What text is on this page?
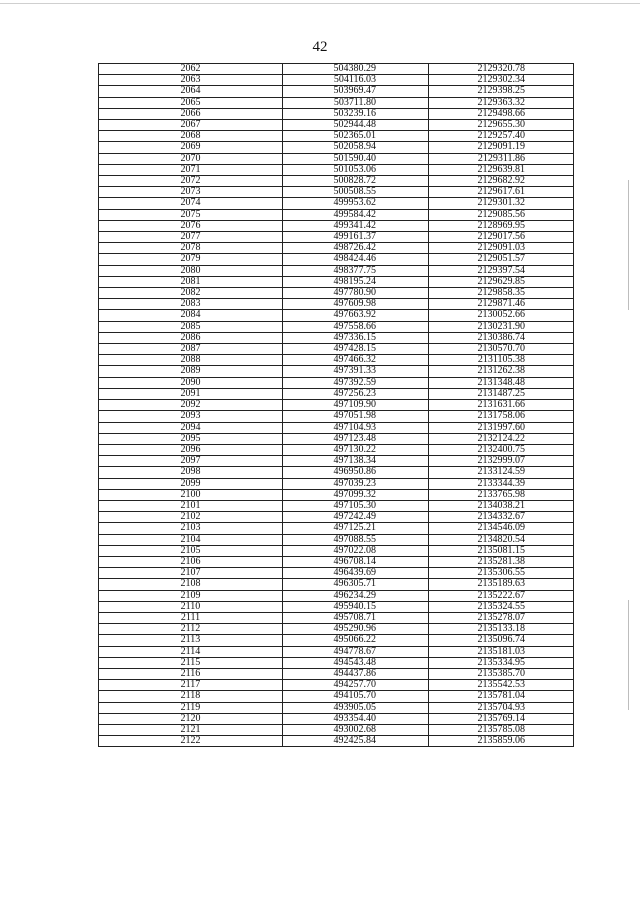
42
2062	504380.29	2129320.78
2063	504116.03	2129302.34
2064	503969.47	2129398.25
2065	503711.80	2129363.32
2066	503239.16	2129498.66
2067	502944.48	2129655.30
2068	502365.01	2129257.40
2069	502058.94	2129091.19
2070	501590.40	2129311.86
2071	501053.06	2129639.81
2072	500828.72	2129682.92
2073	500508.55	2129617.61
2074	499953.62	2129301.32
2075	499584.42	2129085.56
2076	499341.42	2128969.95
2077	499161.37	2129017.56
2078	498726.42	2129091.03
2079	498424.46	2129051.57
2080	498377.75	2129397.54
2081	498195.24	2129629.85
2082	497780.90	2129858.35
2083	497609.98	2129871.46
2084	497663.92	2130052.66
2085	497558.66	2130231.90
2086	497336.15	2130386.74
2087	497428.15	2130570.70
2088	497466.32	2131105.38
2089	497391.33	2131262.38
2090	497392.59	2131348.48
2091	497256.23	2131487.25
2092	497109.90	2131631.66
2093	497051.98	2131758.06
2094	497104.93	2131997.60
2095	497123.48	2132124.22
2096	497130.22	2132400.75
2097	497138.34	2132999.07
2098	496950.86	2133124.59
2099	497039.23	2133344.39
2100	497099.32	2133765.98
2101	497105.30	2134038.21
2102	497242.49	2134332.67
2103	497125.21	2134546.09
2104	497088.55	2134820.54
2105	497022.08	2135081.15
2106	496708.14	2135281.38
2107	496439.69	2135306.55
2108	496305.71	2135189.63
2109	496234.29	2135222.67
2110	495940.15	2135324.55
2111	495708.71	2135278.07
2112	495290.96	2135133.18
2113	495066.22	2135096.74
2114	494778.67	2135181.03
2115	494543.48	2135334.95
2116	494437.86	2135385.70
2117	494257.70	2135542.53
2118	494105.70	2135781.04
2119	493905.05	2135704.93
2120	493354.40	2135769.14
2121	493002.68	2135785.08
2122	492425.84	2135859.06
